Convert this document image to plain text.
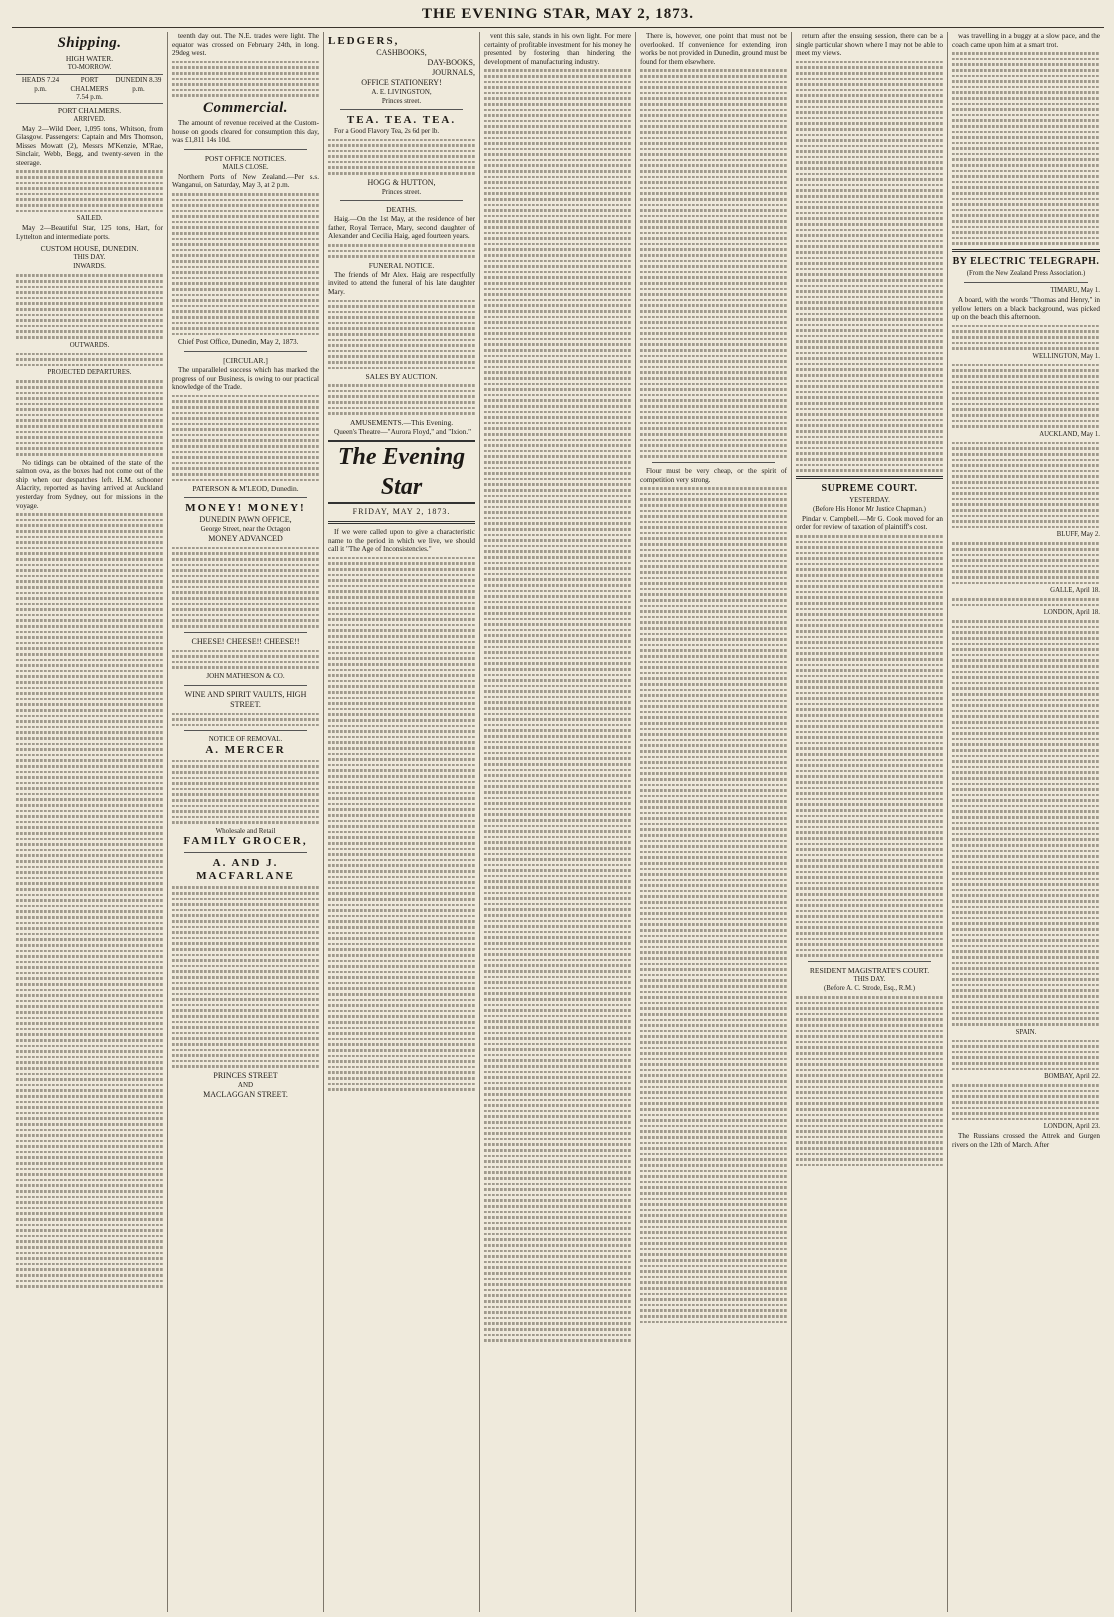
THE EVENING STAR, MAY 2, 1873.
Shipping.
HIGH WATER.
TO-MORROW.
HEADS 7.24 p.m.
PORT CHALMERS 7.54 p.m.
DUNEDIN 8.39 p.m.
PORT CHALMERS.
ARRIVED.

May 2—Wild Deer, 1,095 tons, Whitson, from Glasgow. Passengers: Captain and Mrs Thomson, Misses Mowatt (2), Messrs M'Kenzie, M'Rae, Sinclair, Webb, Begg, and twenty-seven in the steerage.

SAILED.

May 2—Beautiful Star, 125 tons, Hart, for Lyttelton and intermediate ports.

CUSTOM HOUSE, DUNEDIN.
THIS DAY.
INWARDS.
OUTWARDS.
PROJECTED DEPARTURES.

No tidings can be obtained of the state of the salmon ova, as the boxes had not come out of the ship when our despatches left. H.M. schooner Alacrity, reported as having arrived at Auckland yesterday from Sydney, out for missions in the voyage.

teenth day out. The N.E. trades were light. The equator was crossed on February 24th, in long. 29deg west.

Commercial.

The amount of revenue received at the Custom-house on goods cleared for consumption this day, was £1,811 14s 10d.

POST OFFICE NOTICES.
MAILS CLOSE.

Northern Ports of New Zealand.—Per s.s. Wanganui, on Saturday, May 3, at 2 p.m.

Chief Post Office, Dunedin, May 2, 1873.

[CIRCULAR.]

The unparalleled success which has marked the progress of our Business, is owing to our practical knowledge of the Trade.

PATERSON & M'LEOD, Dunedin.
MONEY! MONEY!
DUNEDIN PAWN OFFICE,
George Street, near the Octagon
MONEY ADVANCED
CHEESE! CHEESE!! CHEESE!!
JOHN MATHESON & CO.
WINE AND SPIRIT VAULTS, HIGH STREET.
NOTICE OF REMOVAL.
A. MERCER
Wholesale and Retail
FAMILY GROCER,
A. AND J. MACFARLANE
PRINCES STREET
AND
MACLAGGAN STREET.
LEDGERS,
CASHBOOKS,
DAY-BOOKS,
JOURNALS,
OFFICE STATIONERY!
A. E. LIVINGSTON,
Princes street.
TEA. TEA. TEA.

For a Good Flavory Tea, 2s 6d per lb.

HOGG & HUTTON,
Princes street.
DEATHS.

Haig.—On the 1st May, at the residence of her father, Royal Terrace, Mary, second daughter of Alexander and Cecilia Haig, aged fourteen years.

FUNERAL NOTICE.

The friends of Mr Alex. Haig are respectfully invited to attend the funeral of his late daughter Mary.

SALES BY AUCTION.
AMUSEMENTS.—This Evening.

Queen's Theatre—"Aurora Floyd," and "Ixion."

The Evening Star
FRIDAY, MAY 2, 1873.

If we were called upon to give a characteristic name to the period in which we live, we should call it "The Age of Inconsistencies."

vent this sale, stands in his own light. For mere certainty of profitable investment for his money he presented by fostering than hindering the development of manufacturing industry.

There is, however, one point that must not be overlooked. If convenience for extending iron works be not provided in Dunedin, ground must be found for them elsewhere.

Flour must be very cheap, or the spirit of competition very strong.

return after the ensuing session, there can be a single particular shown where I may not be able to meet my views.

SUPREME COURT.
YESTERDAY.
(Before His Honor Mr Justice Chapman.)

Pindar v. Campbell.—Mr G. Cook moved for an order for review of taxation of plaintiff's cost.

RESIDENT MAGISTRATE'S COURT.
THIS DAY.
(Before A. C. Strode, Esq., R.M.)

was travelling in a buggy at a slow pace, and the coach came upon him at a smart trot.

BY ELECTRIC TELEGRAPH.
(From the New Zealand Press Association.)
TIMARU, May 1.

A board, with the words "Thomas and Henry," in yellow letters on a black background, was picked up on the beach this afternoon.

WELLINGTON, May 1.
AUCKLAND, May 1.
BLUFF, May 2.
GALLE, April 18.
LONDON, April 18.
SPAIN.
BOMBAY, April 22.
LONDON, April 23.

The Russians crossed the Attrek and Gurgen rivers on the 12th of March. After
